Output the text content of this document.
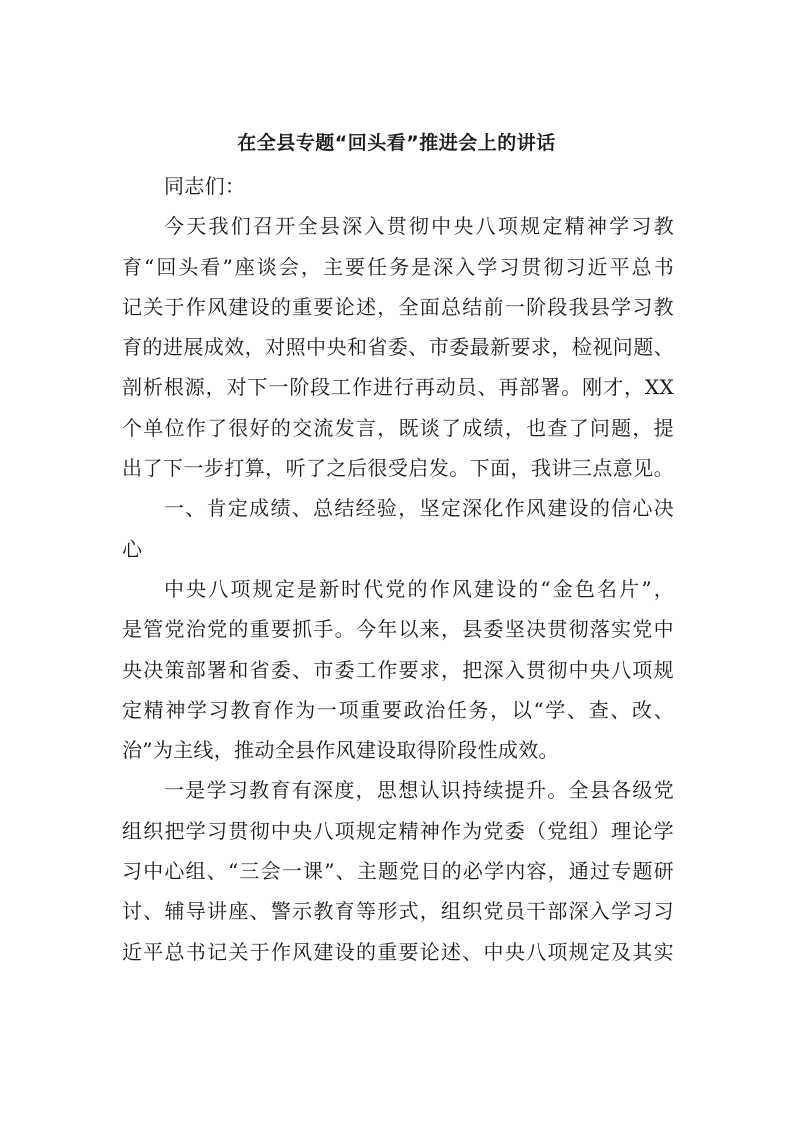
在全县专题“回头看”推进会上的讲话
同志们：
今天我们召开全县深入贯彻中央八项规定精神学习教
育“回头看”座谈会，主要任务是深入学习贯彻习近平总书
记关于作风建设的重要论述，全面总结前一阶段我县学习教
育的进展成效，对照中央和省委、市委最新要求，检视问题、
剖析根源，对下一阶段工作进行再动员、再部署。刚才，XX
个单位作了很好的交流发言，既谈了成绩，也查了问题，提
出了下一步打算，听了之后很受启发。下面，我讲三点意见。
一、肯定成绩、总结经验，坚定深化作风建设的信心决
心
中央八项规定是新时代党的作风建设的“金色名片”，
是管党治党的重要抓手。今年以来，县委坚决贯彻落实党中
央决策部署和省委、市委工作要求，把深入贯彻中央八项规
定精神学习教育作为一项重要政治任务，以“学、查、改、
治”为主线，推动全县作风建设取得阶段性成效。
一是学习教育有深度，思想认识持续提升。全县各级党
组织把学习贯彻中央八项规定精神作为党委（党组）理论学
习中心组、“三会一课”、主题党日的必学内容，通过专题研
讨、辅导讲座、警示教育等形式，组织党员干部深入学习习
近平总书记关于作风建设的重要论述、中央八项规定及其实
